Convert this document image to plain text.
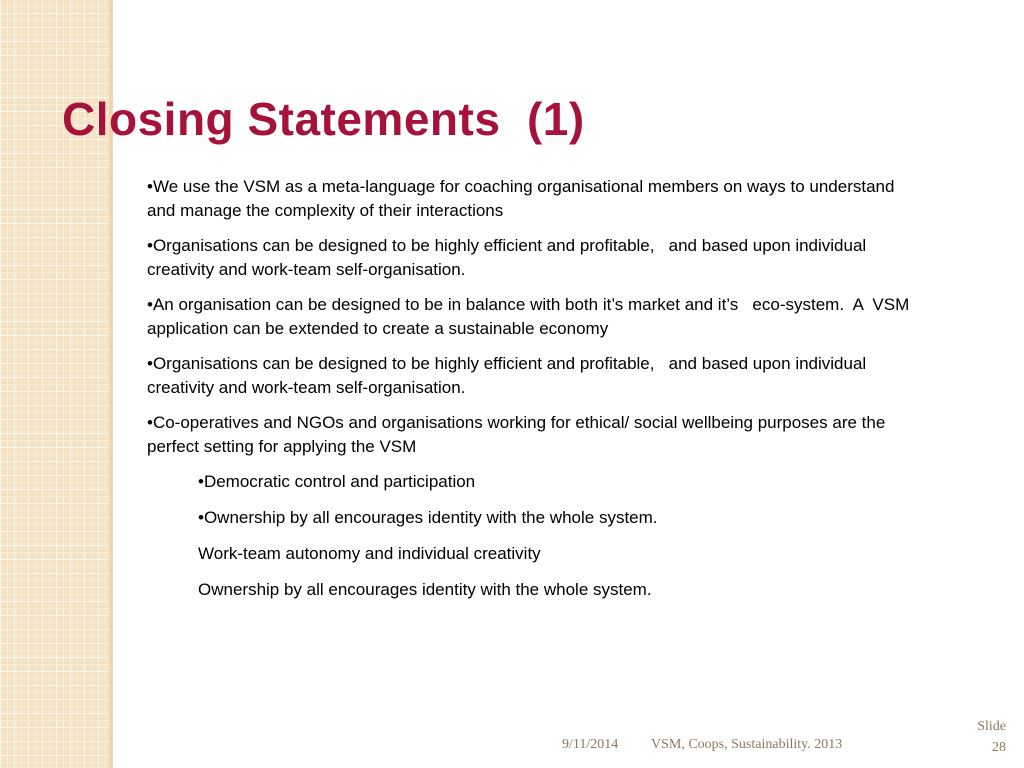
Closing Statements  (1)

•We use the VSM as a meta-language for coaching organisational members on ways to understand and manage the complexity of their interactions

•Organisations can be designed to be highly efficient and profitable,   and based upon individual creativity and work-team self-organisation.

•An organisation can be designed to be in balance with both it’s market and it’s   eco-system.  A  VSM application can be extended to create a sustainable economy

•Organisations can be designed to be highly efficient and profitable,   and based upon individual creativity and work-team self-organisation.

•Co-operatives and NGOs and organisations working for ethical/ social wellbeing purposes are the perfect setting for applying the VSM

•Democratic control and participation

•Ownership by all encourages identity with the whole system.

Work-team autonomy and individual creativity

Ownership by all encourages identity with the whole system.

9/11/2014 VSM, Coops, Sustainability. 2013
Slide 28
